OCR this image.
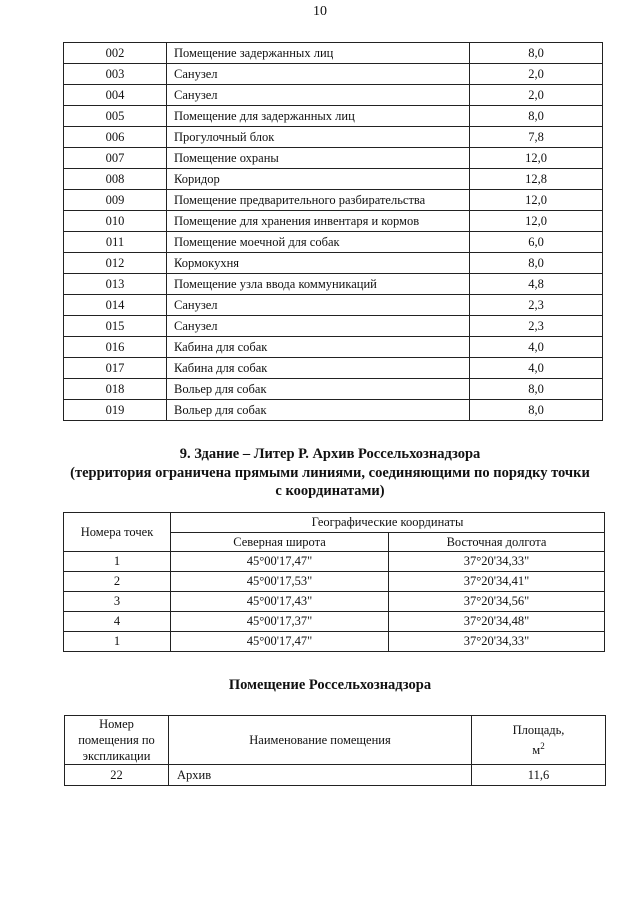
10
002	Помещение задержанных лиц	8,0
003	Санузел	2,0
004	Санузел	2,0
005	Помещение для задержанных лиц	8,0
006	Прогулочный блок	7,8
007	Помещение охраны	12,0
008	Коридор	12,8
009	Помещение предварительного разбирательства	12,0
010	Помещение для хранения инвентаря и кормов	12,0
011	Помещение моечной для собак	6,0
012	Кормокухня	8,0
013	Помещение узла ввода коммуникаций	4,8
014	Санузел	2,3
015	Санузел	2,3
016	Кабина для собак	4,0
017	Кабина для собак	4,0
018	Вольер для собак	8,0
019	Вольер для собак	8,0
9. Здание – Литер Р. Архив Россельхознадзора
(территория ограничена прямыми линиями, соединяющими по порядку точки
с координатами)
Номера точек	Географические координаты	
	Северная широта	Восточная долгота
1	45°00'17,47"	37°20'34,33"
2	45°00'17,53"	37°20'34,41"
3	45°00'17,43"	37°20'34,56"
4	45°00'17,37"	37°20'34,48"
1	45°00'17,47"	37°20'34,33"
Помещение Россельхознадзора
Номер
помещения по
экспликации	Наименование помещения	Площадь,
$м^2$
22	Архив	11,6
